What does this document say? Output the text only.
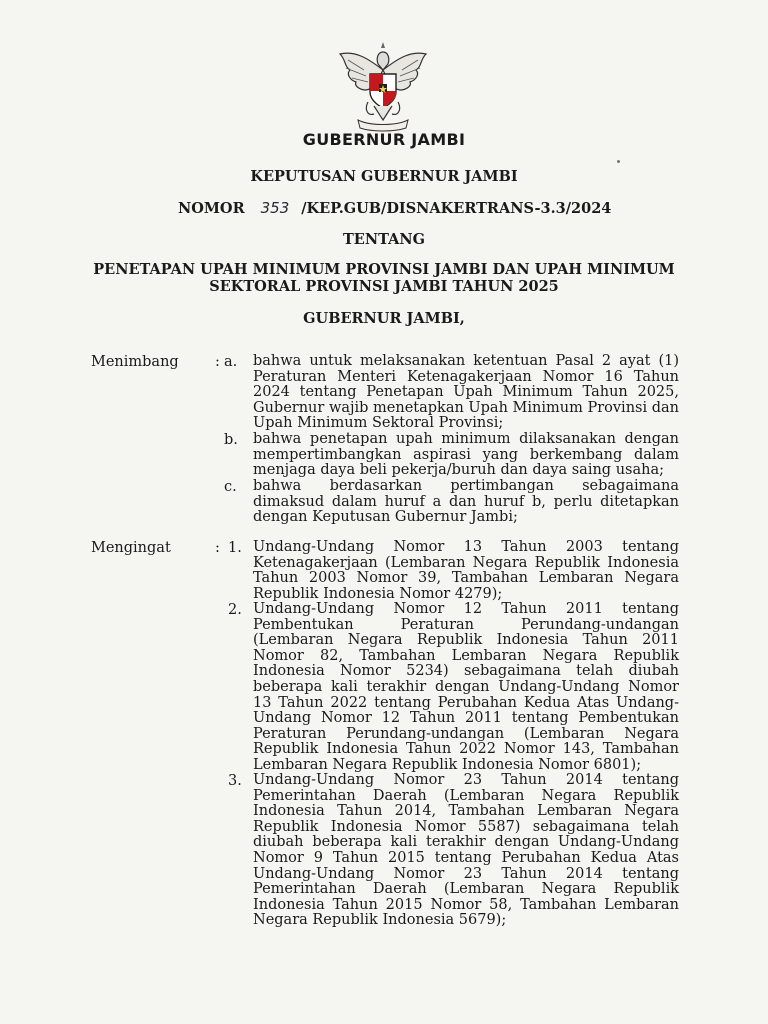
GUBERNUR JAMBI
KEPUTUSAN GUBERNUR JAMBI
NOMOR 353 /KEP.GUB/DISNAKERTRANS-3.3/2024
TENTANG
PENETAPAN UPAH MINIMUM PROVINSI JAMBI DAN UPAH MINIMUM
SEKTORAL PROVINSI JAMBI TAHUN 2025
GUBERNUR JAMBI,
Menimbang	: a. bahwa untuk melaksanakan ketentuan Pasal 2 ayat (1) Peraturan Menteri Ketenagakerjaan Nomor 16 Tahun 2024 tentang Penetapan Upah Minimum Tahun 2025, Gubernur wajib menetapkan Upah Minimum Provinsi dan Upah Minimum Sektoral Provinsi;

b. bahwa penetapan upah minimum dilaksanakan dengan mempertimbangkan aspirasi yang berkembang dalam menjaga daya beli pekerja/buruh dan daya saing usaha;

c. bahwa berdasarkan pertimbangan sebagaimana dimaksud dalam huruf a dan huruf b, perlu ditetapkan dengan Keputusan Gubernur Jambi;

Mengingat	: 1. Undang-Undang Nomor 13 Tahun 2003 tentang Ketenagakerjaan (Lembaran Negara Republik Indonesia Tahun 2003 Nomor 39, Tambahan Lembaran Negara Republik Indonesia Nomor 4279);

2. Undang-Undang Nomor 12 Tahun 2011 tentang Pembentukan Peraturan Perundang-undangan (Lembaran Negara Republik Indonesia Tahun 2011 Nomor 82, Tambahan Lembaran Negara Republik Indonesia Nomor 5234) sebagaimana telah diubah beberapa kali terakhir dengan Undang-Undang Nomor 13 Tahun 2022 tentang Perubahan Kedua Atas Undang-Undang Nomor 12 Tahun 2011 tentang Pembentukan Peraturan Perundang-undangan (Lembaran Negara Republik Indonesia Tahun 2022 Nomor 143, Tambahan Lembaran Negara Republik Indonesia Nomor 6801);

3. Undang-Undang Nomor 23 Tahun 2014 tentang Pemerintahan Daerah (Lembaran Negara Republik Indonesia Tahun 2014, Tambahan Lembaran Negara Republik Indonesia Nomor 5587) sebagaimana telah diubah beberapa kali terakhir dengan Undang-Undang Nomor 9 Tahun 2015 tentang Perubahan Kedua Atas Undang-Undang Nomor 23 Tahun 2014 tentang Pemerintahan Daerah (Lembaran Negara Republik Indonesia Tahun 2015 Nomor 58, Tambahan Lembaran Negara Republik Indonesia 5679);
